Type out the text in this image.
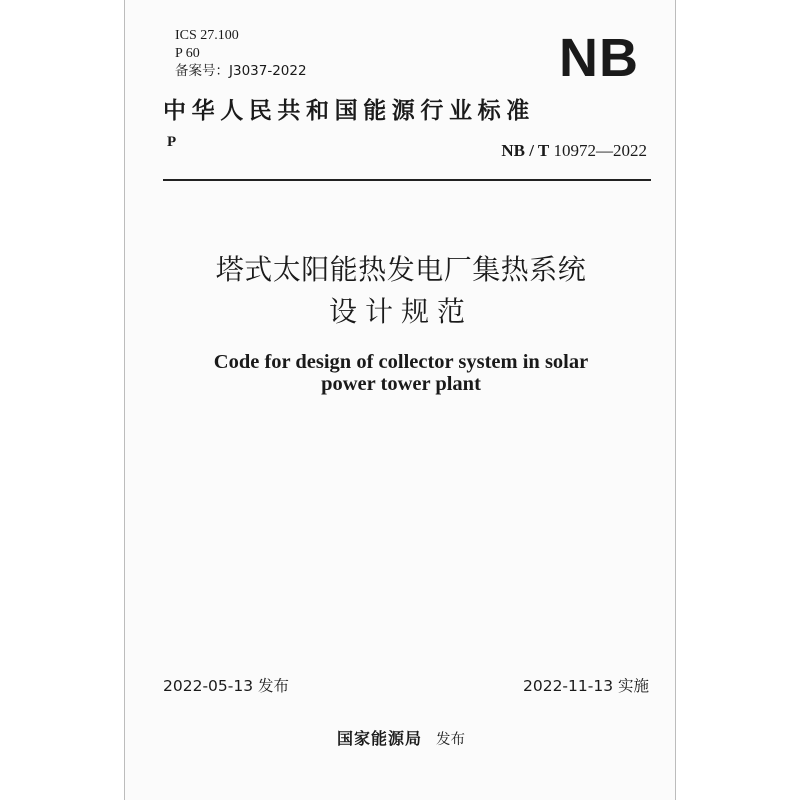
ICS 27.100
P 60
备案号：J3037-2022	NB
中华人民共和国能源行业标准
P	NB / T 10972—2022
塔式太阳能热发电厂集热系统
设计规范
Code for design of collector system in solar
power tower plant
2022-05-13 发布	2022-11-13 实施
国家能源局 发布
